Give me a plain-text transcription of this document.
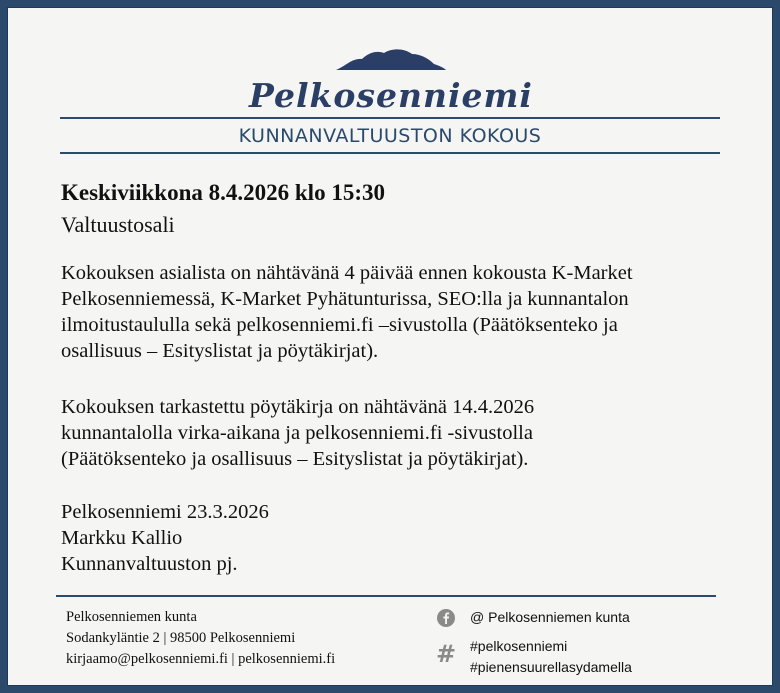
Pelkosenniemi
KUNNANVALTUUSTON KOKOUS
Keskiviikkona 8.4.2026 klo 15:30
Valtuustosali
Kokouksen asialista on nähtävänä 4 päivää ennen kokousta K-Market
Pelkosenniemessä, K-Market Pyhätunturissa, SEO:lla ja kunnantalon
ilmoitustaululla sekä pelkosenniemi.fi –sivustolla (Päätöksenteko ja
osallisuus – Esityslistat ja pöytäkirjat).
Kokouksen tarkastettu pöytäkirja on nähtävänä 14.4.2026
kunnantalolla virka-aikana ja pelkosenniemi.fi -sivustolla
(Päätöksenteko ja osallisuus – Esityslistat ja pöytäkirjat).
Pelkosenniemi 23.3.2026
Markku Kallio
Kunnanvaltuuston pj.
Pelkosenniemen kunta
Sodankyläntie 2 | 98500 Pelkosenniemi
kirjaamo@pelkosenniemi.fi | pelkosenniemi.fi
@ Pelkosenniemen kunta
# #pelkosenniemi
#pienensuurellasydamella
